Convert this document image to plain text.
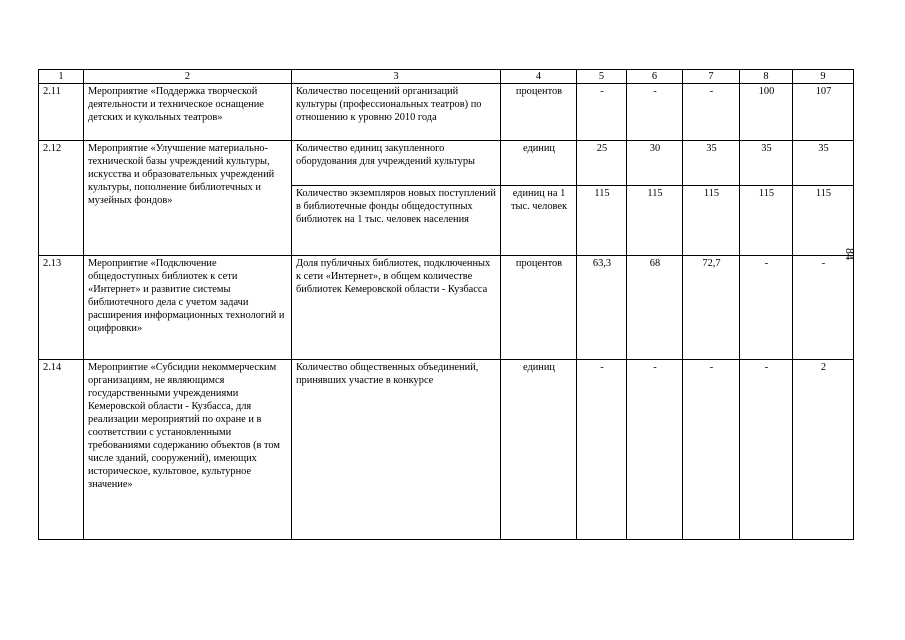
1	2	3	4	5	6	7	8	9
2.11	Мероприятие «Поддержка творческой деятельности и техническое оснащение детских и кукольных театров»	Количество посещений организаций культуры (профессиональных театров) по отношению к уровню 2010 года	процентов	-	-	-	100	107
2.12	Мероприятие «Улучшение материально-технической базы учреждений культуры, искусства и образовательных учреждений культуры, пополнение библиотечных и музейных фондов»	Количество единиц закупленного оборудования для учреждений культуры	единиц	25	30	35	35	35
		Количество экземпляров новых поступлений в библиотечные фонды общедоступных библиотек на 1 тыс. человек населения	единиц на 1 тыс. человек	115	115	115	115	115
2.13	Мероприятие «Подключение общедоступных библиотек к сети «Интернет» и развитие системы библиотечного дела с учетом задачи расширения информационных технологий и оцифровки»	Доля публичных библиотек, подключенных к сети «Интернет», в общем количестве библиотек Кемеровской области - Кузбасса	процентов	63,3	68	72,7	-	-
2.14	Мероприятие «Субсидии некоммерческим организациям, не являющимся государственными учреждениями Кемеровской области - Кузбасса, для реализации мероприятий по охране и в соответствии с установленными требованиями содержанию объектов (в том числе зданий, сооружений), имеющих историческое, культовое, культурное значение»	Количество общественных объединений, принявших участие в конкурсе	единиц	-	-	-	-	2
84
